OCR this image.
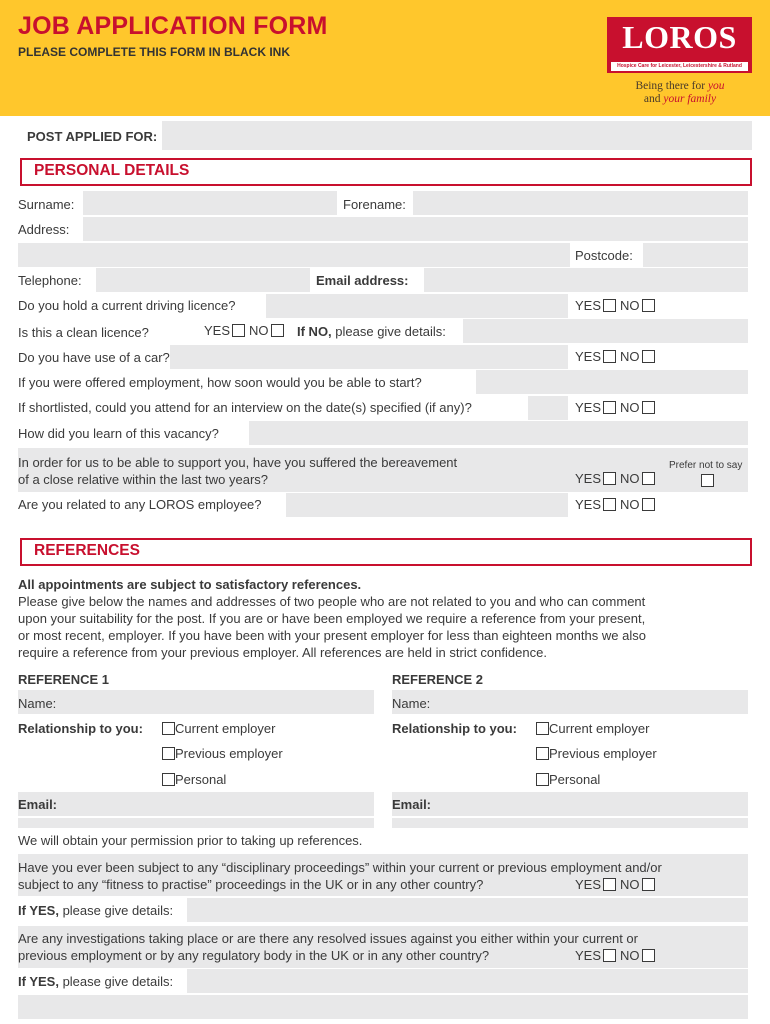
JOB APPLICATION FORM
PLEASE COMPLETE THIS FORM IN BLACK INK	LOROS
Hospice Care for Leicester, Leicestershire & Rutland
Being there for you
and your family
POST APPLIED FOR:
PERSONAL DETAILS
Surname:	Forename:
Address:
Postcode:
Telephone:	Email address:
Do you hold a current driving licence?	YES NO
Is this a clean licence?	YES NO	If NO, please give details:
Do you have use of a car?	YES NO
If you were offered employment, how soon would you be able to start?
If shortlisted, could you attend for an interview on the date(s) specified (if any)?	YES NO
How did you learn of this vacancy?
In order for us to be able to support you, have you suffered the bereavement
of a close relative within the last two years?
Prefer not to say
YES NO
Are you related to any LOROS employee?	YES NO
REFERENCES
All appointments are subject to satisfactory references.
Please give below the names and addresses of two people who are not related to you and who can comment
upon your suitability for the post. If you are or have been employed we require a reference from your present,
or most recent, employer. If you have been with your present employer for less than eighteen months we also
require a reference from your previous employer. All references are held in strict confidence.
REFERENCE 1
Name:
Relationship to you:	Current employer
Previous employer
Personal
Email:
REFERENCE 2
Name:
Relationship to you:	Current employer
Previous employer
Personal
Email:
We will obtain your permission prior to taking up references.
Have you ever been subject to any “disciplinary proceedings” within your current or previous employment and/or
subject to any “fitness to practise” proceedings in the UK or in any other country?	YES NO
If YES, please give details:
Are any investigations taking place or are there any resolved issues against you either within your current or
previous employment or by any regulatory body in the UK or in any other country?	YES NO
If YES, please give details:
